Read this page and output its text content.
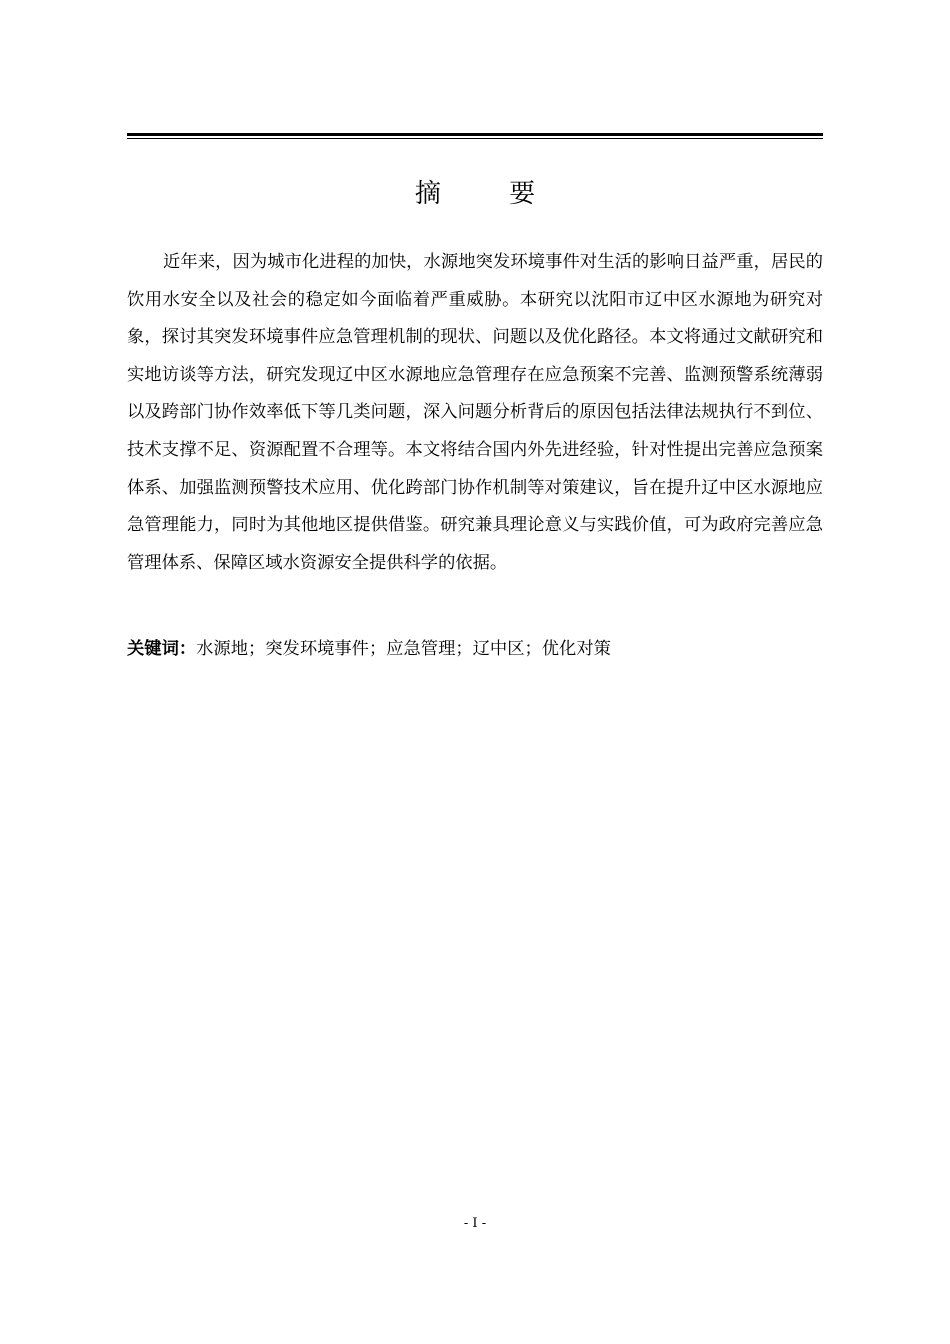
摘 要

近年来，因为城市化进程的加快，水源地突发环境事件对生活的影响日益严重，居民的饮用水安全以及社会的稳定如今面临着严重威胁。本研究以沈阳市辽中区水源地为研究对象，探讨其突发环境事件应急管理机制的现状、问题以及优化路径。本文将通过文献研究和实地访谈等方法，研究发现辽中区水源地应急管理存在应急预案不完善、监测预警系统薄弱以及跨部门协作效率低下等几类问题，深入问题分析背后的原因包括法律法规执行不到位、技术支撑不足、资源配置不合理等。本文将结合国内外先进经验，针对性提出完善应急预案体系、加强监测预警技术应用、优化跨部门协作机制等对策建议，旨在提升辽中区水源地应急管理能力，同时为其他地区提供借鉴。研究兼具理论意义与实践价值，可为政府完善应急管理体系、保障区域水资源安全提供科学的依据。

关键词：水源地；突发环境事件；应急管理；辽中区；优化对策
- I -
